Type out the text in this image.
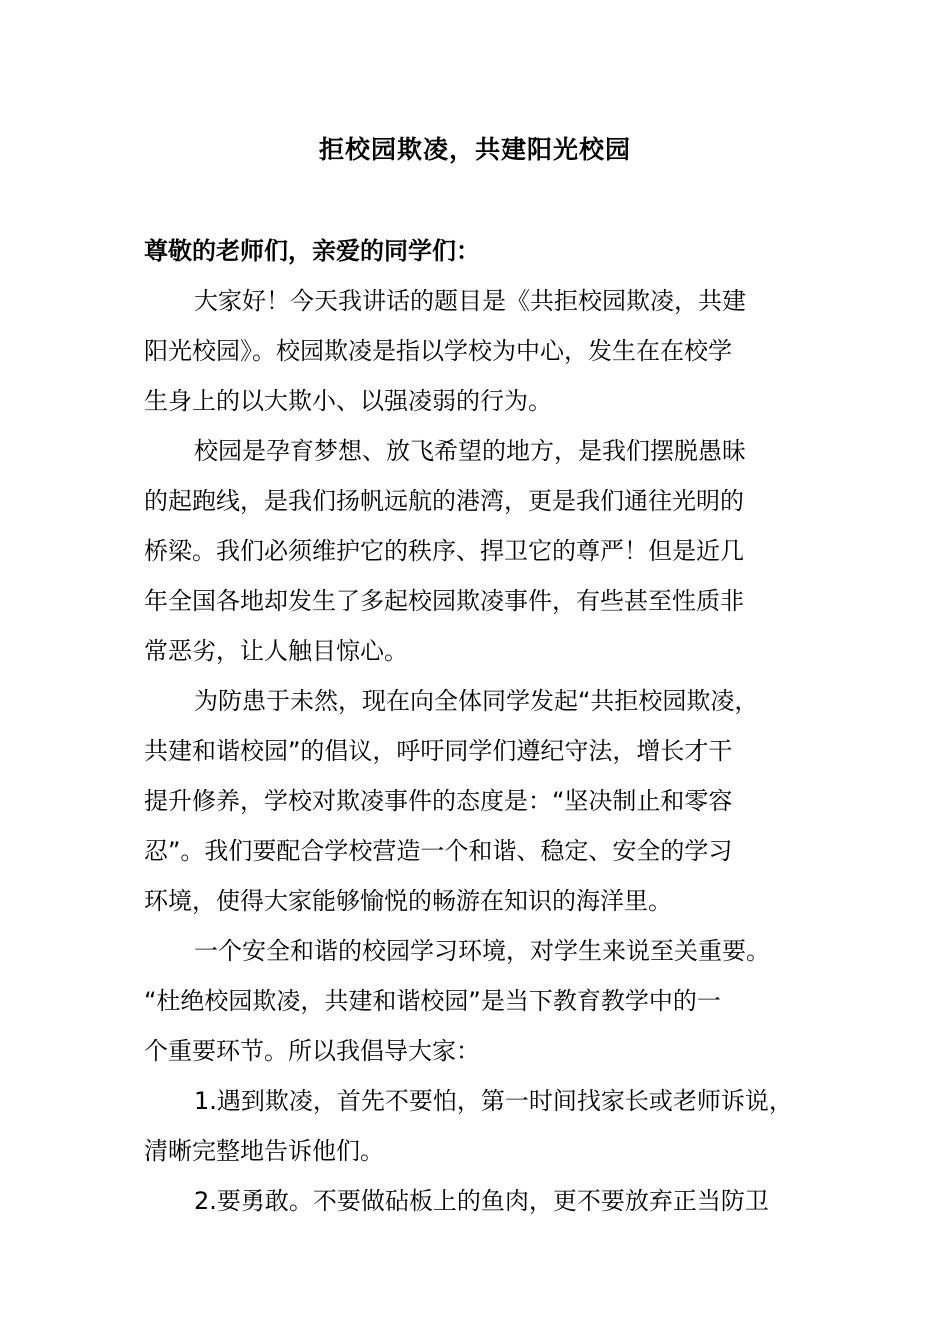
拒校园欺凌，共建阳光校园
尊敬的老师们，亲爱的同学们：
大家好！今天我讲话的题目是《共拒校园欺凌，共建
阳光校园》。校园欺凌是指以学校为中心，发生在在校学
生身上的以大欺小、以强凌弱的行为。
校园是孕育梦想、放飞希望的地方，是我们摆脱愚昧
的起跑线，是我们扬帆远航的港湾，更是我们通往光明的
桥梁。我们必须维护它的秩序、捍卫它的尊严！但是近几
年全国各地却发生了多起校园欺凌事件，有些甚至性质非
常恶劣，让人触目惊心。
为防患于未然，现在向全体同学发起“共拒校园欺凌，
共建和谐校园”的倡议，呼吁同学们遵纪守法，增长才干
提升修养，学校对欺凌事件的态度是：“坚决制止和零容
忍”。我们要配合学校营造一个和谐、稳定、安全的学习
环境，使得大家能够愉悦的畅游在知识的海洋里。
一个安全和谐的校园学习环境，对学生来说至关重要。
“杜绝校园欺凌，共建和谐校园”是当下教育教学中的一
个重要环节。所以我倡导大家：
1.遇到欺凌，首先不要怕，第一时间找家长或老师诉说，
清晰完整地告诉他们。
2.要勇敢。不要做砧板上的鱼肉，更不要放弃正当防卫
